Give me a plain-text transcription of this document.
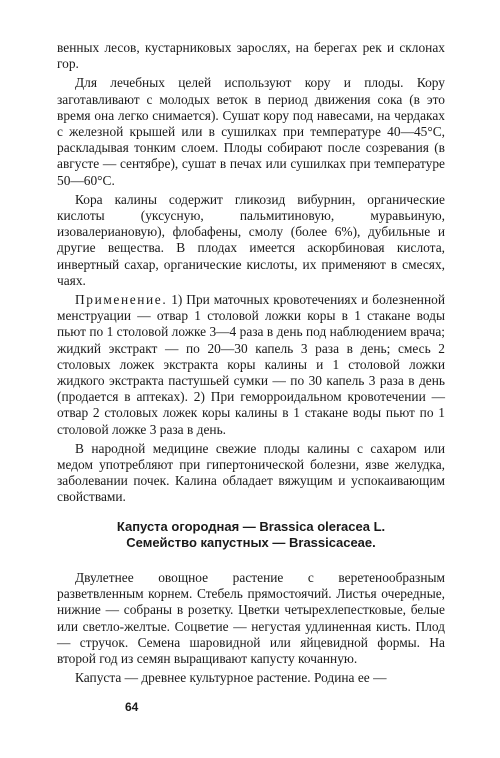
венных лесов, кустарниковых зарослях, на берегах рек и склонах гор.

Для лечебных целей используют кору и плоды. Кору заготавливают с молодых веток в период движения сока (в это время она легко снимается). Сушат кору под навесами, на чердаках с железной крышей или в сушилках при температуре 40—45°С, раскладывая тонким слоем. Плоды собирают после созревания (в августе — сентябре), сушат в печах или сушилках при температуре 50—60°С.

Кора калины содержит гликозид вибурнин, органические кислоты (уксусную, пальмитиновую, муравьиную, изовалериановую), флобафены, смолу (более 6%), дубильные и другие вещества. В плодах имеется аскорбиновая кислота, инвертный сахар, органические кислоты, их применяют в смесях, чаях.

Применение. 1) При маточных кровотечениях и болезненной менструации — отвар 1 столовой ложки коры в 1 стакане воды пьют по 1 столовой ложке 3—4 раза в день под наблюдением врача; жидкий экстракт — по 20—30 капель 3 раза в день; смесь 2 столовых ложек экстракта коры калины и 1 столовой ложки жидкого экстракта пастушьей сумки — по 30 капель 3 раза в день (продается в аптеках). 2) При геморроидальном кровотечении — отвар 2 столовых ложек коры калины в 1 стакане воды пьют по 1 столовой ложке 3 раза в день.

В народной медицине свежие плоды калины с сахаром или медом употребляют при гипертонической болезни, язве желудка, заболевании почек. Калина обладает вяжущим и успокаивающим свойствами.

Капуста огородная — Brassica oleracea L.
Семейство капустных — Brassicaceae.

Двулетнее овощное растение с веретенообразным разветвленным корнем. Стебель прямостоячий. Листья очередные, нижние — собраны в розетку. Цветки четырехлепестковые, белые или светло-желтые. Соцветие — негустая удлиненная кисть. Плод — стручок. Семена шаровидной или яйцевидной формы. На второй год из семян выращивают капусту кочанную.

Капуста — древнее культурное растение. Родина ее —

64
